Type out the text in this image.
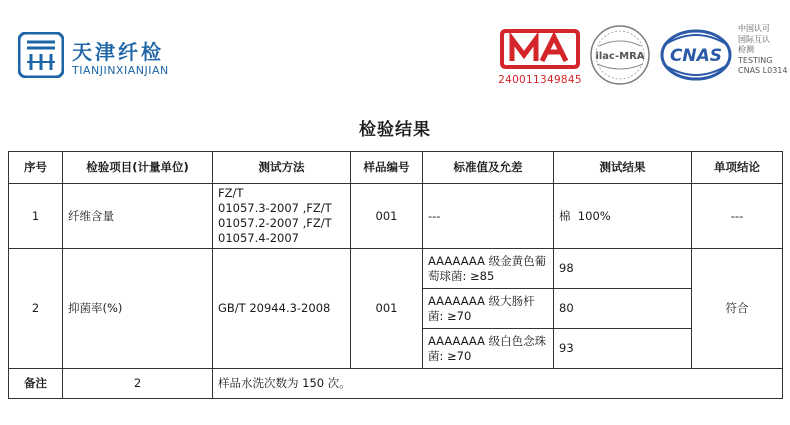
天津纤检
TIANJINXIANJIAN
240011349845
ilac-MRA CNAS
中国认可
国际互认
检测
TESTING
CNAS L0314
检验结果
序号	检验项目(计量单位)	测试方法	样品编号	标准值及允差	测试结果	单项结论
1	纤维含量	FZ/T
01057.3-2007 ,FZ/T
01057.2-2007 ,FZ/T
01057.4-2007	001	---	棉  100%	---
2	抑菌率(%)	GB/T 20944.3-2008	001	AAAAAAA 级金黄色葡萄球菌: ≥85	98	符合
				AAAAAAA 级大肠杆菌: ≥70	80	
				AAAAAAA 级白色念珠菌: ≥70	93	
备注	2	样品水洗次数为 150 次。				
